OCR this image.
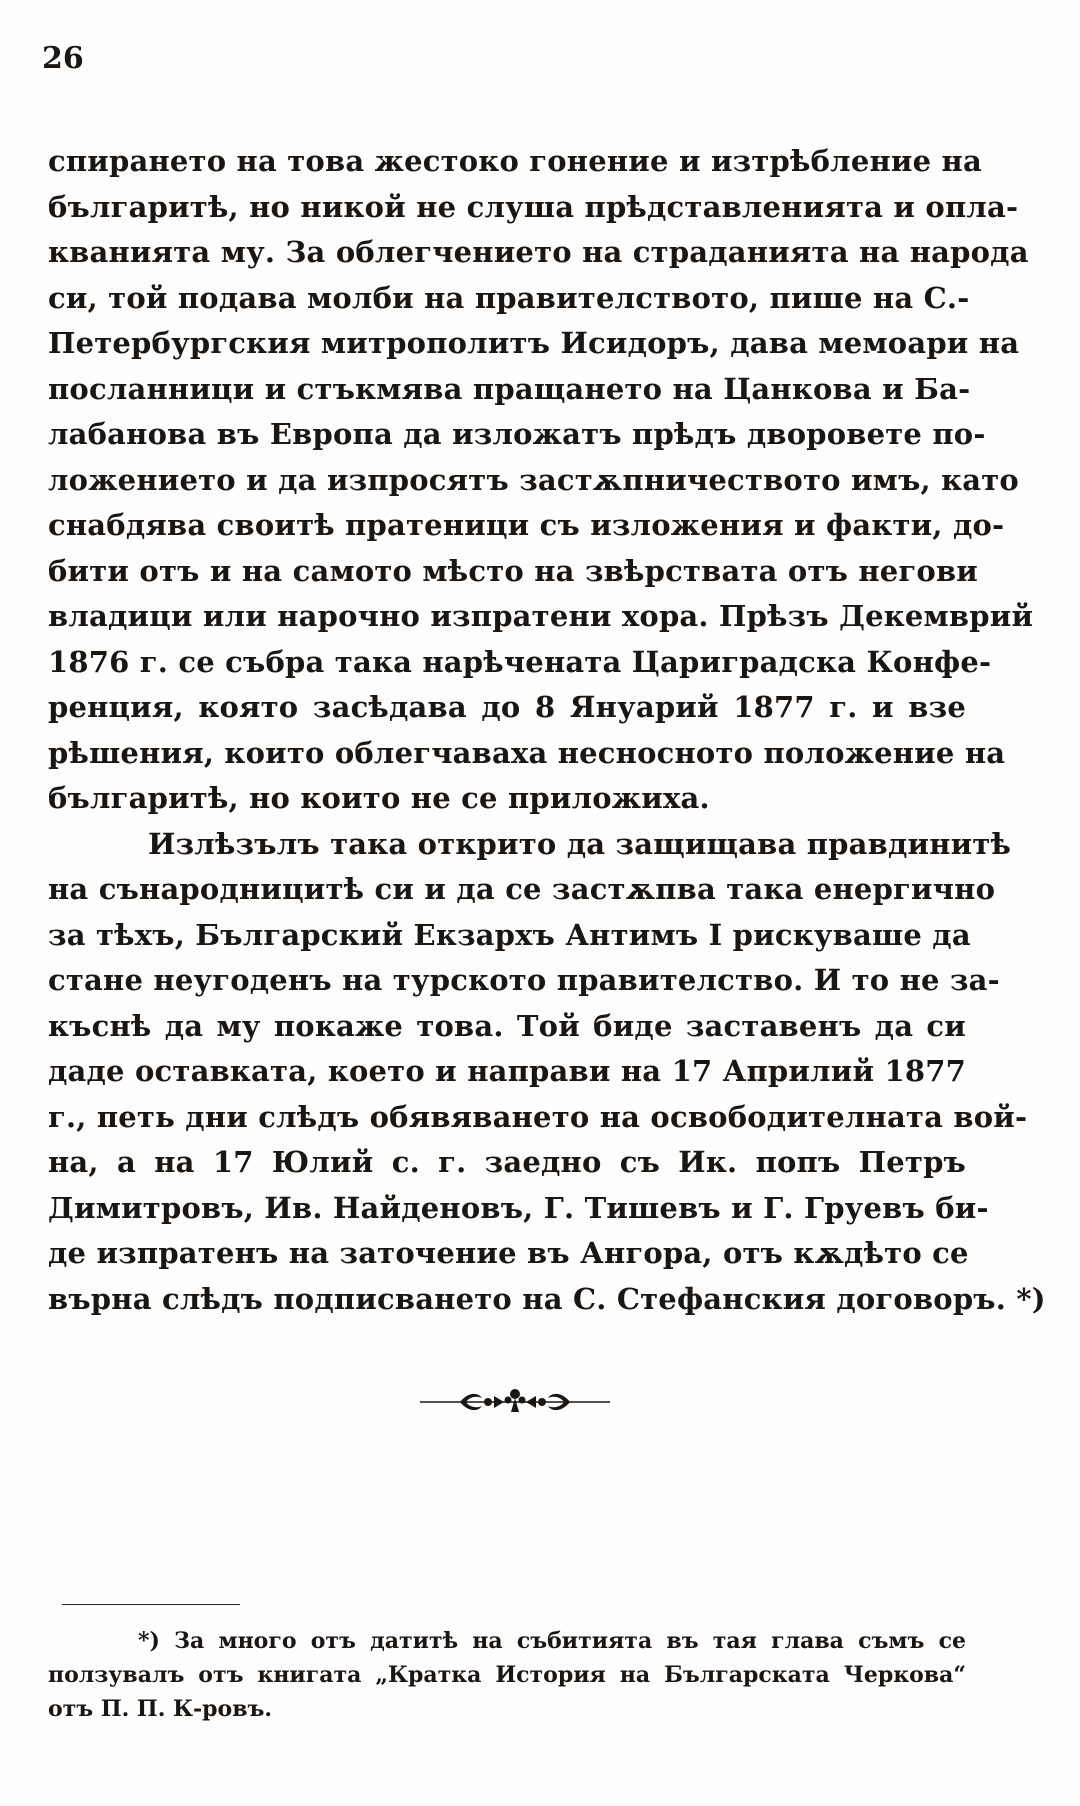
26
спирането на това жестоко гонение и изтрѣбление на
българитѣ, но никой не слуша прѣдставленията и опла-
кванията му. За облегчението на страданията на народа
си, той подава молби на правителството, пише на С.-
Петербургския митрополитъ Исидоръ, дава мемоари на
посланници и стъкмява пращането на Цанкова и Ба-
лабанова въ Европа да изложатъ прѣдъ дворовете по-
ложението и да изпросятъ застѫпничеството имъ, като
снабдява своитѣ пратеници съ изложения и факти, до-
бити отъ и на самото мѣсто на звѣрствата отъ негови
владици или нарочно изпратени хора. Прѣзъ Декемврий
1876 г. се събра така нарѣчената Цариградска Конфе-
ренция, която засѣдава до 8 Януарий 1877 г. и взе
рѣшения, които облегчаваха несносното положение на
българитѣ, но които не се приложиха.
Излѣзълъ така открито да защищава правдинитѣ
на сънародницитѣ си и да се застѫпва така енергично
за тѣхъ, Българский Екзархъ Антимъ I рискуваше да
стане неугоденъ на турското правителство. И то не за-
къснѣ да му покаже това. Той биде заставенъ да си
даде оставката, което и направи на 17 Априлий 1877
г., петь дни слѣдъ обявяването на освободителната вой-
на, а на 17 Юлий с. г. заедно съ Ик. попъ Петръ
Димитровъ, Ив. Найденовъ, Г. Тишевъ и Г. Груевъ би-
де изпратенъ на заточение въ Ангора, отъ кѫдѣто се
върна слѣдъ подписването на С. Стефанския договоръ. *)
*) За много отъ датитѣ на събитията въ тая глава съмъ се
ползувалъ отъ книгата „Кратка История на Българската Черкова“
отъ П. П. К-ровъ.
